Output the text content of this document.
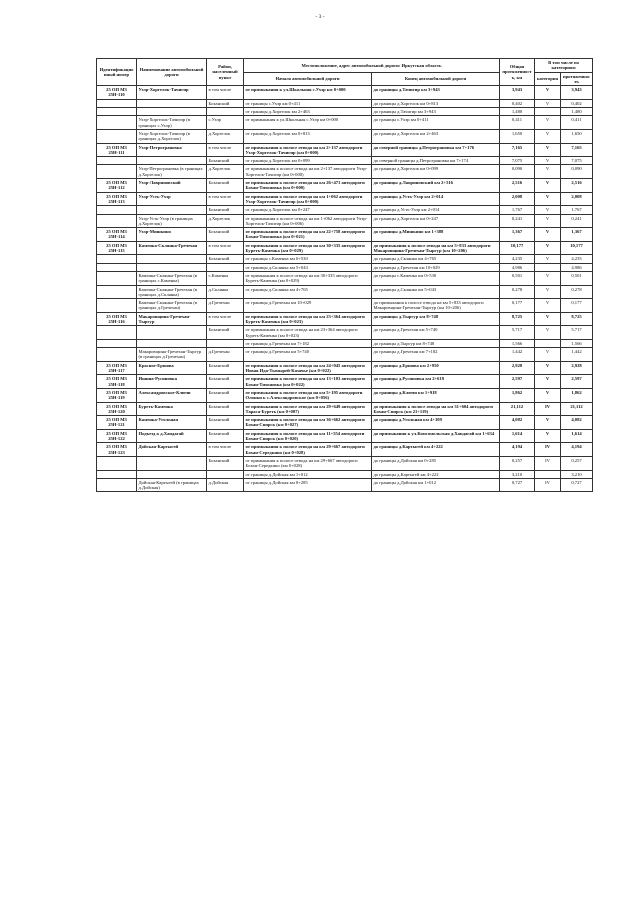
- 3 -
Идентификационный номер	Наименование автомобильной дороги	Район, населенный пункт	Местоположение, адрес автомобильной дороги: Иркутская область		Общая протяженность, км	В том числе по категориям	
			Начало автомобильной дороги	Конец автомобильной дороги		категория	протяженность
25 ОП М3 25Н-110	Ухэр-Хоргелок-Тачигир	в том числе	от примыкания к ул.Школьная с.Ухэр км 0+000	до границы д.Тачигир км 3+943	3,943	V	3,943
		Боханский	от границы с.Ухэр км 0+411	до границы д.Хоргелок км 0+813	0,402	V	0,402
			от границы д.Хоргелок км 2+463	до границы д.Тачигир км 3+943	1,480		1,480
	Ухэр-Хоргелок-Тачигир (в границах с.Ухэр)	с.Ухэр	от примыкания к ул.Школьная с.Ухэр км 0+000	до границы с.Ухэр км 0+411	0,411	V	0,411
	Ухэр-Хоргелок-Тачигир (в границах д.Хоргелок)	д.Хоргелок	от границы д.Хоргелок км 0+813	до границы д.Хоргелок км 2+463	1,650	V	1,650
25 ОП М3 25Н-111	Ухэр-Петрограновка	в том числе	от примыкания к полосе отвода на км 2+137 автодороги Ухэр-Хоргелок-Тачигир (км 0+000)	до северной границы д.Петрограновка км 7+176	7,165	V	7,165
		Боханский	от границы д.Хоргелок км 0+099	до северной границы д.Петрограновка км 7+174	7,075	V	7,075
	Ухэр-Петрограновка (в границах д.Хоргелок)	д.Хоргелок	от примыкания к полосе отвода на км 2+137 автодороги Ухэр-Хоргелок-Тачигир (км 0+000)	до границы д.Хоргелок км 0+099	0,090	V	0,090
25 ОП М3 25Н-112	Ухэр-Лавриновский	Боханский	от примыкания к полосе отвода на км 26+471 автодороги Бохан-Тихоновка (км 0+000)	до границы д.Лавриновский км 2+516	2,516	V	2,516
25 ОП М3 25Н-113	Ухэр-Усть-Ухэр	в том числе	от примыкания к полосе отвода на км 1+062 автодороги Ухэр-Хоргелок-Тачигир (км 0+000)	до границы д.Усть-Ухэр км 2+014	2,008	V	2,008
		Боханский	от границы д.Хоргелок км 0+247	до границы д.Усть-Ухэр км 2+014	1,767	V	1,767
	Ухэр-Усть-Ухэр (в границах д.Хоргелок)	д.Хоргелок	от примыкания к полосе отвода на км 1+062 автодороги Ухэр-Хоргелок-Тачигир (км 0+006)	до границы д.Хоргелок км 0+247	0,241	V	0,241
25 ОП М3 25Н-114	Ухэр-Мишкино	Боханский	от примыкания к полосе отвода на км 22+758 автодороги Бохан-Тихоновка (км 0+021)	до границы д.Мишкино км 1+388	1,367	V	1,367
25 ОП М3 25Н-115	Каменка-Склянка-Гречехан	в том числе	от примыкания к полосе отвода на км 30+335 автодороги Буреть-Каменка (км 0+029)	до примыкания к полосе отвода на км 5+833 автодороги Макаровщина-Гречехан-Тыргур (км 10+206)	10,177	V	10,177
		Боханский	от границы с.Каменка км 0+530	до границы д.Склянка км 4+765	4,235	V	4,235
			от границы д.Склянка км 5+043	до границы д.Гречехан км 10+029	4,986		4,986
	Каменка-Склянка-Гречехан (в границах с.Каменка)	с.Каменка	от примыкания к полосе отвода на км 30+335 автодороги Буреть-Каменка (км 0+029)	до границы с.Каменка км 0+530	0,501	V	0,501
	Каменка-Склянка-Гречехан (в границах д.Склянка)	д.Склянка	от границы д.Склянка км 4+765	до границы д.Склянка км 5+043	0,278	V	0,278
	Каменка-Склянка-Гречехан (в границах д.Гречехан)	д.Гречехан	от границы д.Гречехан км 10+029	до примыкания к полосе отвода на км 5+833 автодороги Макаровщина-Гречехан-Тыргур (км 10+206)	0,177	V	0,177
25 ОП М3 25Н-116	Макаровщина-Гречехан-Тыргур	в том числе	от примыкания к полосе отвода на км 23+364 автодороги Буреть-Каменка (км 0+023)	до границы д.Тыргур км 8+748	8,725	V	8,725
		Боханский	от примыкания к полосе отвода на км 23+364 автодороги Буреть-Каменка (км 0+023)	до границы д.Гречехан км 5+740	5,717	V	5,717
			от границы д.Гречехан км 7+182	до границы д.Тыргур км 8+748	1,566		1,566
	Макаровщина-Гречехан-Тыргур (в границах д.Гречехан)	д.Гречехан	от границы д.Гречехан км 5+740	до границы д.Гречехан км 7+182	1,442	V	1,442
25 ОП М3 25Н-117	Красное-Ершова	Боханский	от примыкания к полосе отвода на км 24+045 автодороги Новая Ида-Тымырей-Казачье (км 0+022)	до границы д.Ершова км 2+950	2,928	V	2,928
25 ОП М3 25Н-118	Ишина-Русиновка	Боханский	от примыкания к полосе отвода на км 13+103 автодороги Бохан-Тихоновка (км 0+022)	до границы д.Русиновка км 2+619	2,597	V	2,597
25 ОП М3 25Н-119	Александровское-Ключи	Боханский	от примыкания к полосе отвода на км 5+195 автодороги Олонки к с.Александровское (км 0+056)	до границы д.Ключи км 1+918	1,862	V	1,862
25 ОП М3 25Н-120	Буреть-Каменка	Боханский	от примыкания к полосе отвода на км 29+649 автодороги Тараса-Буреть (км 0+007)	до примыкания к полосе отвода на км 31+604 автодороги Бохан-Свирск (км 21+119)	21,112	IV	21,112
25 ОП М3 25Н-121	Каменка-Угольная	Боханский	от примыкания к полосе отвода на км 36+662 автодороги Бохан-Свирск (км 0+027)	до границы д.Угольная км 4+109	4,082	V	4,082
25 ОП М3 25Н-122	Подъезд к д.Хандагай	Боханский	от примыкания к полосе отвода на км 11+554 автодороги Бохан-Свирск (км 0+020)	до примыкания к ул.Комсомольская д.Хандагай км 1+634	1,614	V	1,614
25 ОП М3 25Н-123	Дойская-Картыгей	в том числе	от примыкания к полосе отвода на км 29+667 автодороги Бохан-Середкино (км 0+028)	до границы д.Картыгей км 4+222	4,194	IV	4,194
		Боханский	от примыкания к полосе отвода на км 29+667 автодороги Бохан-Середкино (км 0+028)	до границы д.Дойская км 0+285	0,257	IV	0,257
			от границы д.Дойская км 1+012	до границы д.Картыгей км 4+222	3,210		3,210
	Дойская-Картыгей (в границах д.Дойская)	д.Дойская	от границы д.Дойская км 0+285	до границы д.Дойская км 1+012	0,727	IV	0,727
